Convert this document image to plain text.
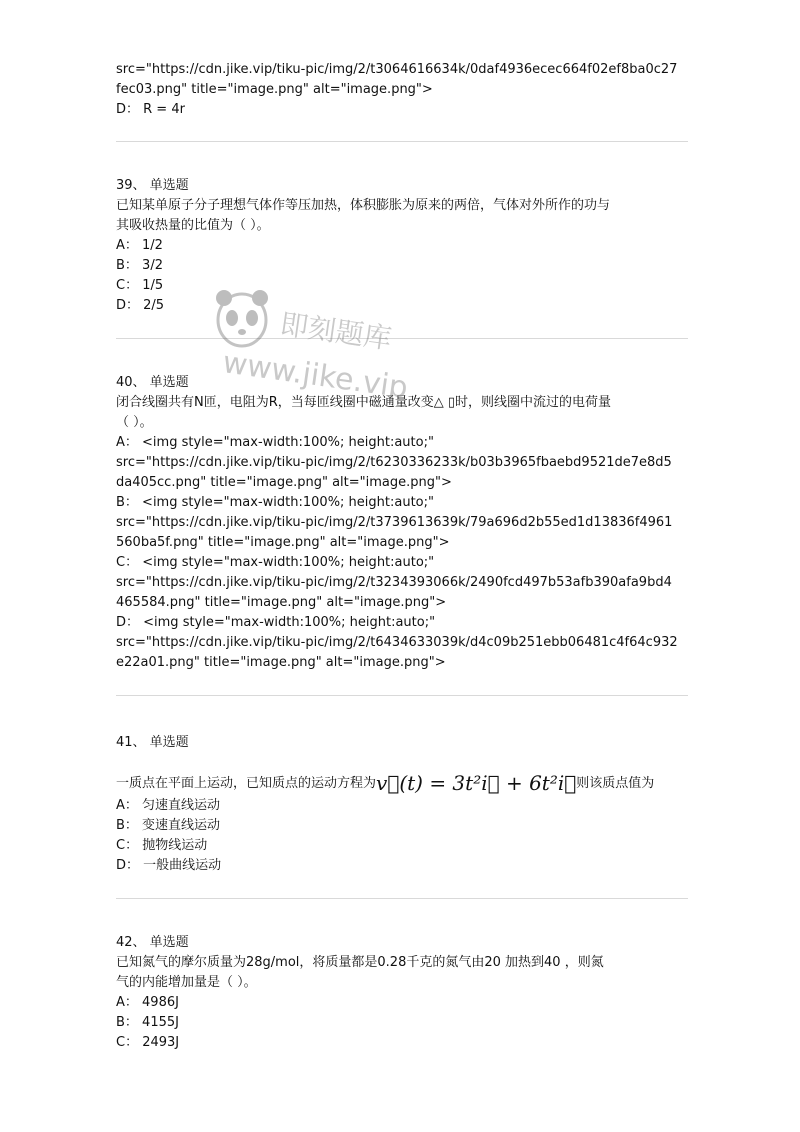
src="https://cdn.jike.vip/tiku-pic/img/2/t3064616634k/0daf4936ecec664f02ef8ba0c27
fec03.png" title="image.png" alt="image.png">
D： R = 4r
39、 单选题
已知某单原子分子理想气体作等压加热，体积膨胀为原来的两倍，气体对外所作的功与
其吸收热量的比值为（ ）。
A： 1/2
B： 3/2
C： 1/5
D： 2/5
40、 单选题
闭合线圈共有N匝，电阻为R，当每匝线圈中磁通量改变△ ▯时，则线圈中流过的电荷量
（ ）。
A： <img style="max-width:100%; height:auto;"
src="https://cdn.jike.vip/tiku-pic/img/2/t6230336233k/b03b3965fbaebd9521de7e8d5
da405cc.png" title="image.png" alt="image.png">
B： <img style="max-width:100%; height:auto;"
src="https://cdn.jike.vip/tiku-pic/img/2/t3739613639k/79a696d2b55ed1d13836f4961
560ba5f.png" title="image.png" alt="image.png">
C： <img style="max-width:100%; height:auto;"
src="https://cdn.jike.vip/tiku-pic/img/2/t3234393066k/2490fcd497b53afb390afa9bd4
465584.png" title="image.png" alt="image.png">
D： <img style="max-width:100%; height:auto;"
src="https://cdn.jike.vip/tiku-pic/img/2/t6434633039k/d4c09b251ebb06481c4f64c932
e22a01.png" title="image.png" alt="image.png">
41、 单选题
一质点在平面上运动，已知质点的运动方程为v⃗(t) = 3t²i⃗ + 6t²i⃗则该质点值为
A： 匀速直线运动
B： 变速直线运动
C： 抛物线运动
D： 一般曲线运动
42、 单选题
已知氮气的摩尔质量为28g/mol，将质量都是0.28千克的氮气由20 加热到40 ，则氮
气的内能增加量是（ ）。
A： 4986J
B： 4155J
C： 2493J
即刻题库
www.jike.vip
